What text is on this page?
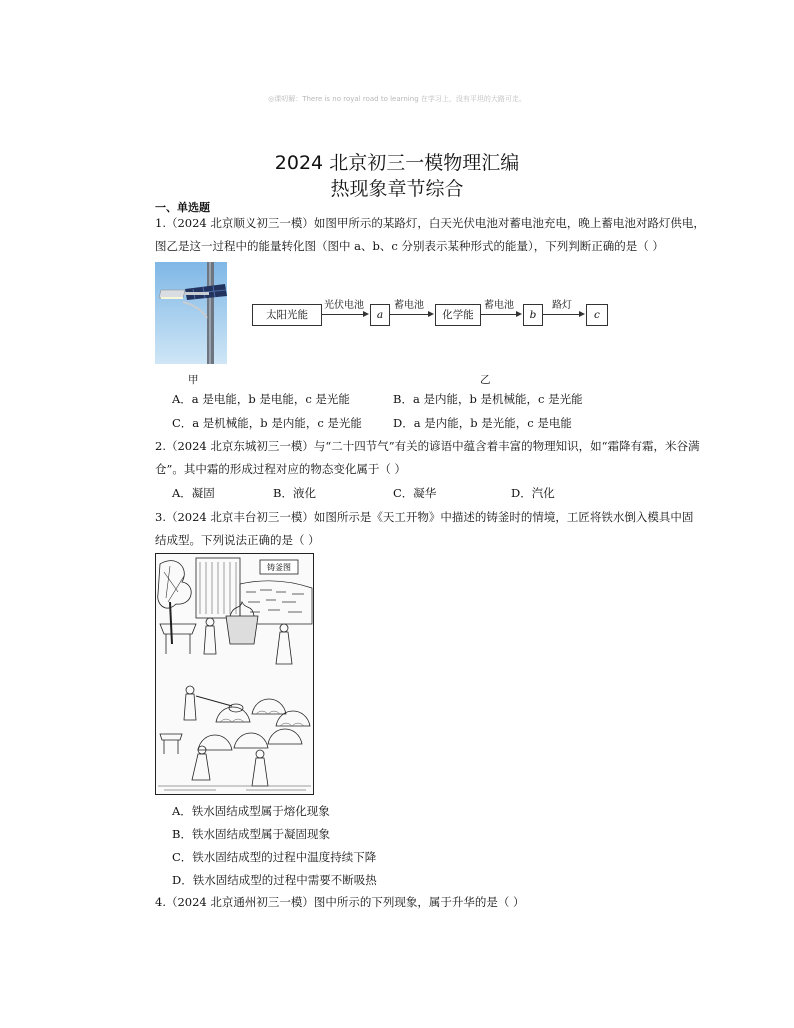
◎课叨解：There is no royal road to learning 在学习上，没有平坦的大路可走。
2024 北京初三一模物理汇编
热现象章节综合
一、单选题
1.（2024 北京顺义初三一模）如图甲所示的某路灯，白天光伏电池对蓄电池充电，晚上蓄电池对路灯供电，
图乙是这一过程中的能量转化图（图中 a、b、c 分别表示某种形式的能量），下列判断正确的是（ ）
甲
太阳光能
光伏电池
a
蓄电池
化学能
蓄电池
b
路灯
c
乙
A．a 是电能，b 是电能，c 是光能	B．a 是内能，b 是机械能，c 是光能
C．a 是机械能，b 是内能，c 是光能	D．a 是内能，b 是光能，c 是电能
2.（2024 北京东城初三一模）与“二十四节气”有关的谚语中蕴含着丰富的物理知识，如“霜降有霜，米谷满
仓”。其中霜的形成过程对应的物态变化属于（ ）
A．凝固	B．液化	C．凝华	D．汽化
3.（2024 北京丰台初三一模）如图所示是《天工开物》中描述的铸釜时的情境，工匠将铁水倒入模具中固
结成型。下列说法正确的是（ ）
铸釜图
A．铁水固结成型属于熔化现象
B．铁水固结成型属于凝固现象
C．铁水固结成型的过程中温度持续下降
D．铁水固结成型的过程中需要不断吸热
4.（2024 北京通州初三一模）图中所示的下列现象，属于升华的是（ ）
